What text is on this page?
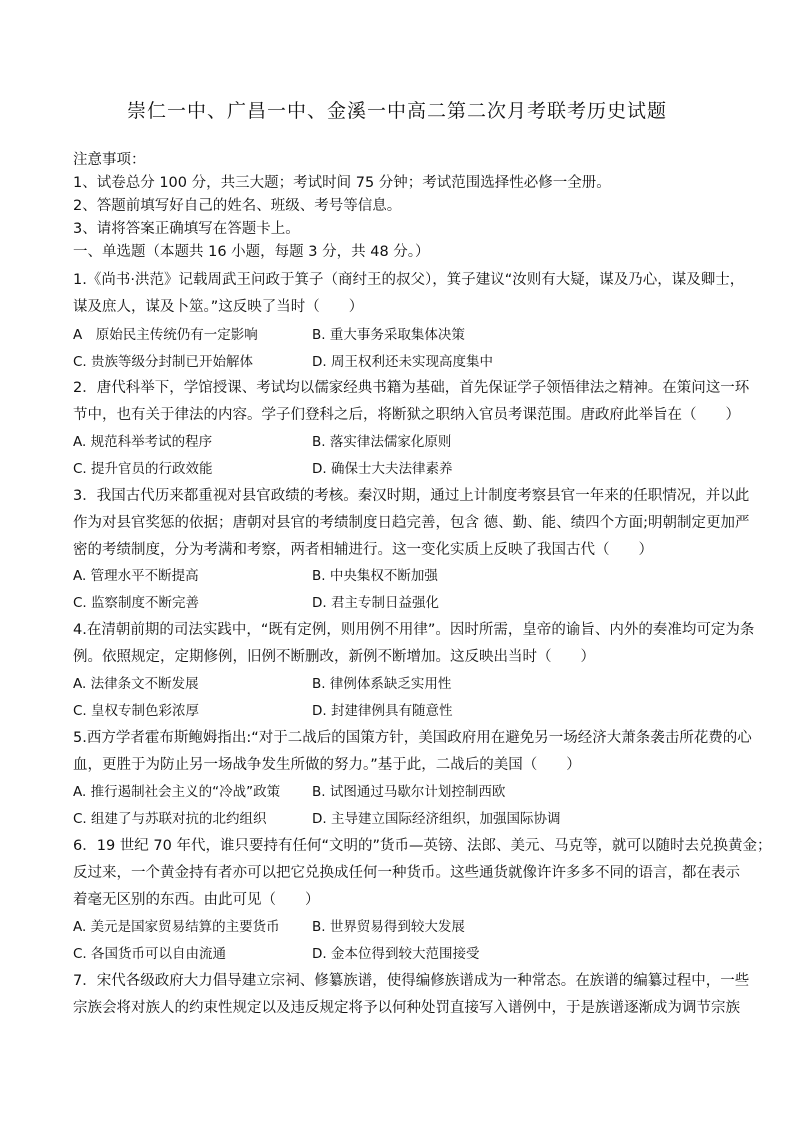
崇仁一中、广昌一中、金溪一中高二第二次月考联考历史试题
注意事项：
1、试卷总分 100 分，共三大题；考试时间 75 分钟；考试范围选择性必修一全册。
2、答题前填写好自己的姓名、班级、考号等信息。
3、请将答案正确填写在答题卡上。
一、单选题（本题共 16 小题，每题 3 分，共 48 分。）
1.《尚书·洪范》记载周武王问政于箕子（商纣王的叔父），箕子建议“汝则有大疑，谋及乃心，谋及卿士，
谋及庶人，谋及卜筮。”这反映了当时（　　）
A　原始民主传统仍有一定影响	B. 重大事务采取集体决策
C. 贵族等级分封制已开始解体	D. 周王权利还未实现高度集中
2．唐代科举下，学馆授课、考试均以儒家经典书籍为基础，首先保证学子领悟律法之精神。在策问这一环
节中，也有关于律法的内容。学子们登科之后，将断狱之职纳入官员考课范围。唐政府此举旨在（　　）
A. 规范科举考试的程序	B. 落实律法儒家化原则
C. 提升官员的行政效能	D. 确保士大夫法律素养
3．我国古代历来都重视对县官政绩的考核。秦汉时期，通过上计制度考察县官一年来的任职情况，并以此
作为对县官奖惩的依据；唐朝对县官的考绩制度日趋完善，包含 德、勤、能、绩四个方面;明朝制定更加严
密的考绩制度，分为考满和考察，两者相辅进行。这一变化实质上反映了我国古代（　　）
A. 管理水平不断提高	B. 中央集权不断加强
C. 监察制度不断完善	D. 君主专制日益强化
4.在清朝前期的司法实践中，“既有定例，则用例不用律”。因时所需，皇帝的谕旨、内外的奏准均可定为条
例。依照规定，定期修例，旧例不断删改，新例不断增加。这反映出当时（　　）
A. 法律条文不断发展	B. 律例体系缺乏实用性
C. 皇权专制色彩浓厚	D. 封建律例具有随意性
5.西方学者霍布斯鲍姆指出:“对于二战后的国策方针，美国政府用在避免另一场经济大萧条袭击所花费的心
血，更胜于为防止另一场战争发生所做的努力。”基于此，二战后的美国（　　）
A. 推行遏制社会主义的“冷战”政策 B. 试图通过马歇尔计划控制西欧
C. 组建了与苏联对抗的北约组织	D. 主导建立国际经济组织，加强国际协调
6．19 世纪 70 年代，谁只要持有任何“文明的”货币—英镑、法郎、美元、马克等，就可以随时去兑换黄金；
反过来，一个黄金持有者亦可以把它兑换成任何一种货币。这些通货就像许许多多不同的语言，都在表示
着毫无区别的东西。由此可见（　　）
A. 美元是国家贸易结算的主要货币 B. 世界贸易得到较大发展
C. 各国货币可以自由流通	D. 金本位得到较大范围接受
7．宋代各级政府大力倡导建立宗祠、修纂族谱，使得编修族谱成为一种常态。在族谱的编纂过程中，一些
宗族会将对族人的约束性规定以及违反规定将予以何种处罚直接写入谱例中，于是族谱逐渐成为调节宗族
